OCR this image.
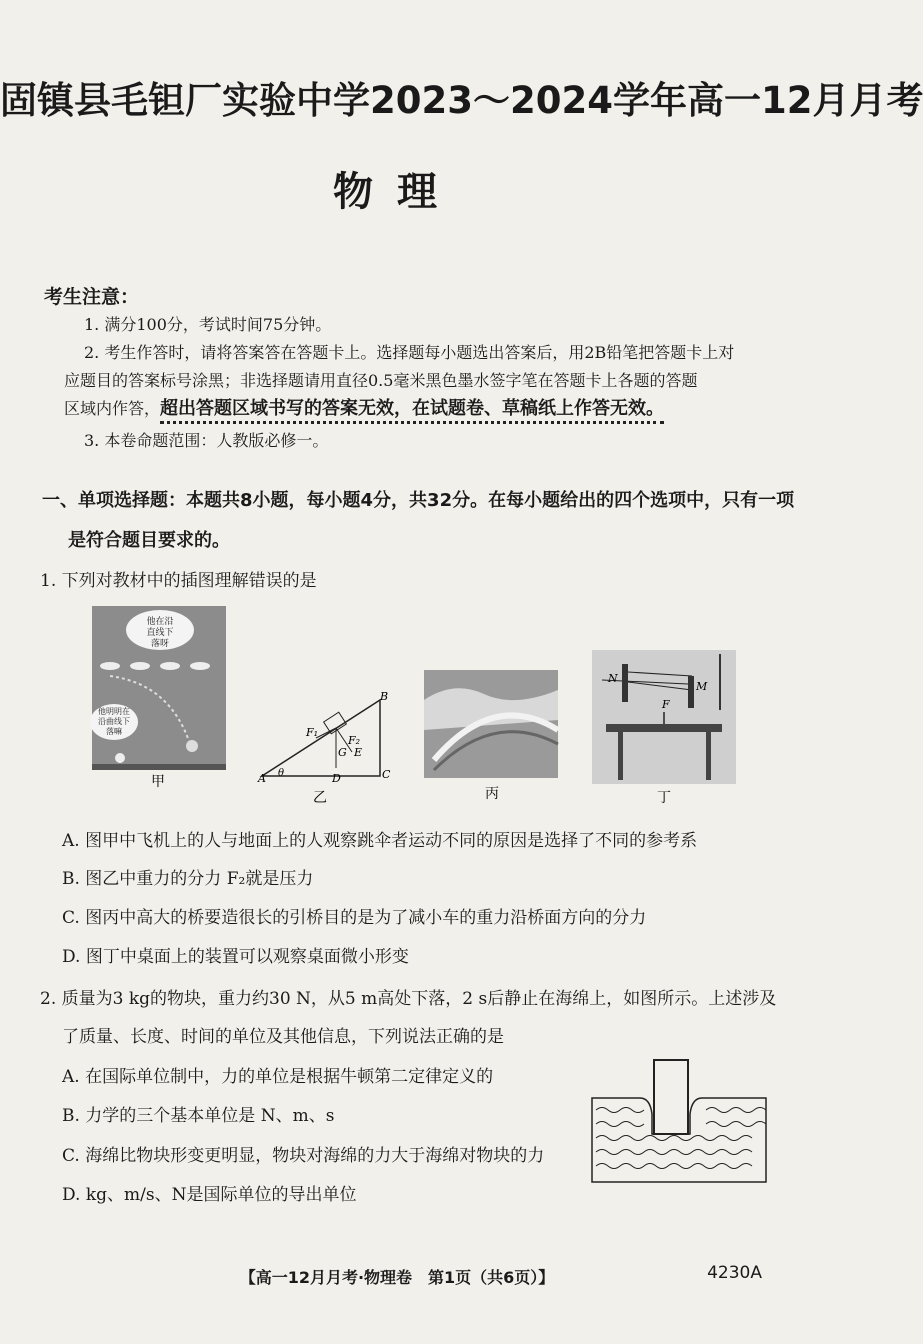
固镇县毛钽厂实验中学2023～2024学年高一12月月考
物理
考生注意：
1. 满分100分，考试时间75分钟。
2. 考生作答时，请将答案答在答题卡上。选择题每小题选出答案后，用2B铅笔把答题卡上对
应题目的答案标号涂黑；非选择题请用直径0.5毫米黑色墨水签字笔在答题卡上各题的答题
区域内作答，超出答题区域书写的答案无效，在试题卷、草稿纸上作答无效。
3. 本卷命题范围：人教版必修一。
一、单项选择题：本题共8小题，每小题4分，共32分。在每小题给出的四个选项中，只有一项
是符合题目要求的。
1. 下列对教材中的插图理解错误的是
他在沿
直线下
落呀
他明明在
沿曲线下
落嘛
甲	A θ
B
C
D
E
F₁
F₂
G
乙	丙
N
M
F
丁
A. 图甲中飞机上的人与地面上的人观察跳伞者运动不同的原因是选择了不同的参考系
B. 图乙中重力的分力 F₂就是压力
C. 图丙中高大的桥要造很长的引桥目的是为了减小车的重力沿桥面方向的分力
D. 图丁中桌面上的装置可以观察桌面微小形变
2. 质量为3 kg的物块，重力约30 N，从5 m高处下落，2 s后静止在海绵上，如图所示。上述涉及
了质量、长度、时间的单位及其他信息，下列说法正确的是
A. 在国际单位制中，力的单位是根据牛顿第二定律定义的
B. 力学的三个基本单位是 N、m、s
C. 海绵比物块形变更明显，物块对海绵的力大于海绵对物块的力
D. kg、m/s、N是国际单位的导出单位
【高一12月月考·物理卷　第1页（共6页）】	4230A
